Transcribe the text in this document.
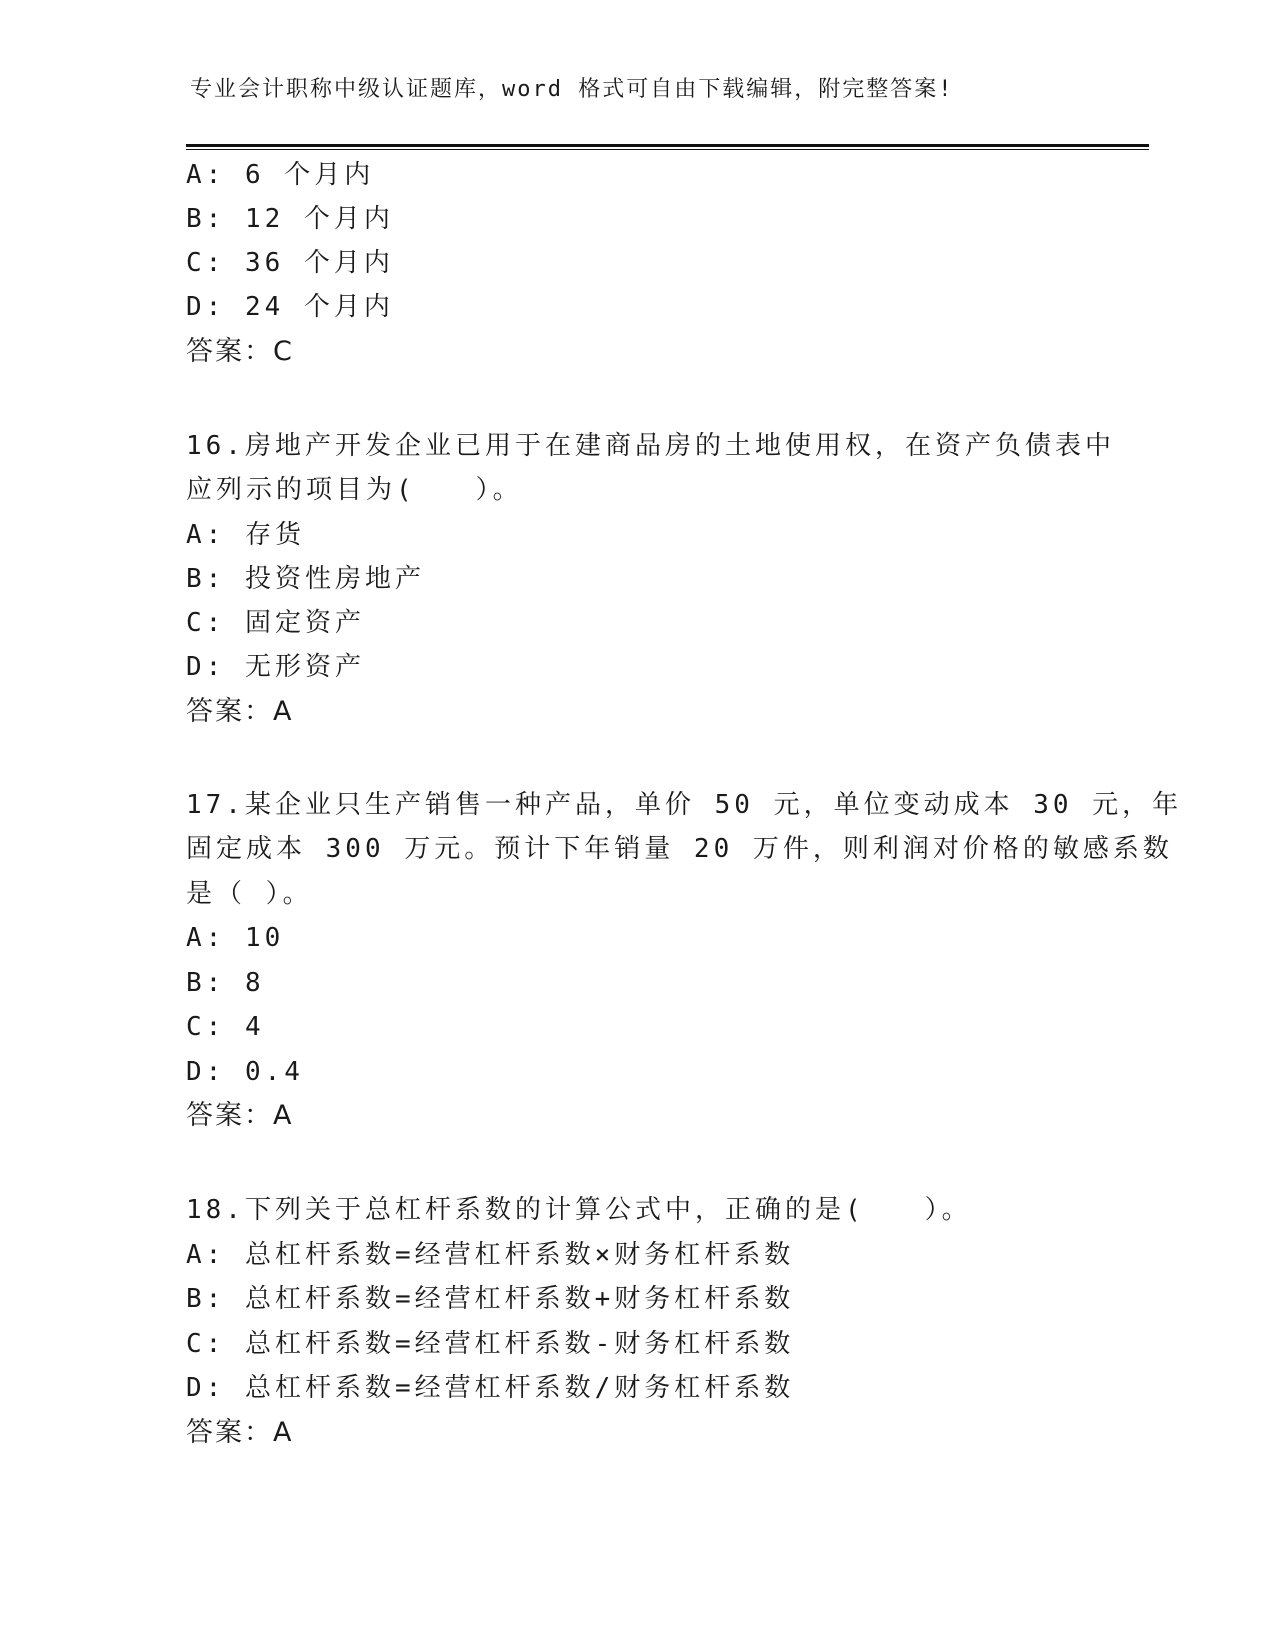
专业会计职称中级认证题库，word 格式可自由下载编辑，附完整答案!
A: 6 个月内
B: 12 个月内
C: 36 个月内
D: 24 个月内
答案：C
16.房地产开发企业已用于在建商品房的土地使用权，在资产负债表中
应列示的项目为(　　）。
A: 存货
B: 投资性房地产
C: 固定资产
D: 无形资产
答案：A
17.某企业只生产销售一种产品，单价 50 元，单位变动成本 30 元，年
固定成本 300 万元。预计下年销量 20 万件，则利润对价格的敏感系数
是（ ）。
A: 10
B: 8
C: 4
D: 0.4
答案：A
18.下列关于总杠杆系数的计算公式中，正确的是(　　）。
A: 总杠杆系数=经营杠杆系数×财务杠杆系数
B: 总杠杆系数=经营杠杆系数+财务杠杆系数
C: 总杠杆系数=经营杠杆系数-财务杠杆系数
D: 总杠杆系数=经营杠杆系数/财务杠杆系数
答案：A
